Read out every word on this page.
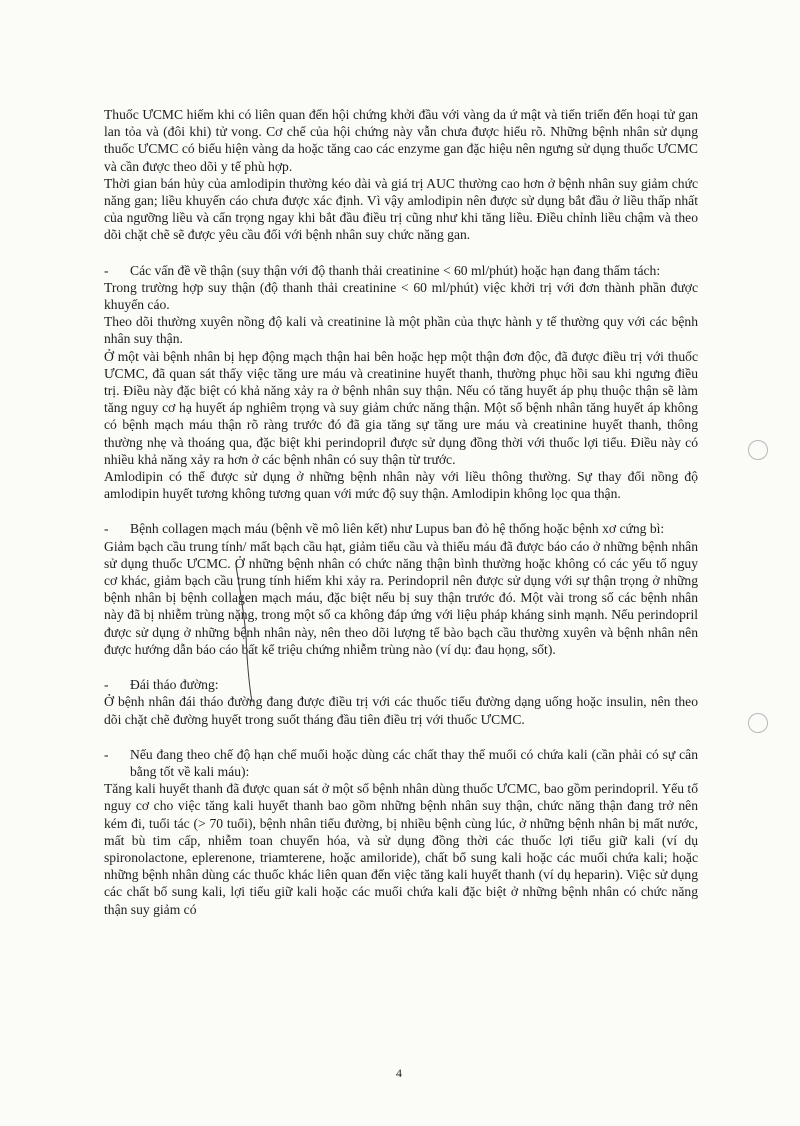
Thuốc ƯCMC hiếm khi có liên quan đến hội chứng khởi đầu với vàng da ứ mật và tiến triển đến hoại tử gan lan tỏa và (đôi khi) tử vong. Cơ chế của hội chứng này vẫn chưa được hiểu rõ. Những bệnh nhân sử dụng thuốc ƯCMC có biểu hiện vàng da hoặc tăng cao các enzyme gan đặc hiệu nên ngưng sử dụng thuốc ƯCMC và cần được theo dõi y tế phù hợp.

Thời gian bán hủy của amlodipin thường kéo dài và giá trị AUC thường cao hơn ở bệnh nhân suy giảm chức năng gan; liều khuyến cáo chưa được xác định. Vì vậy amlodipin nên được sử dụng bắt đầu ở liều thấp nhất của ngưỡng liều và cẩn trọng ngay khi bắt đầu điều trị cũng như khi tăng liều. Điều chỉnh liều chậm và theo dõi chặt chẽ sẽ được yêu cầu đối với bệnh nhân suy chức năng gan.

-	Các vấn đề về thận (suy thận với độ thanh thải creatinine < 60 ml/phút) hoặc hạn đang thẩm tách:

Trong trường hợp suy thận (độ thanh thải creatinine < 60 ml/phút) việc khởi trị với đơn thành phần được khuyến cáo.

Theo dõi thường xuyên nồng độ kali và creatinine là một phần của thực hành y tế thường quy với các bệnh nhân suy thận.

Ở một vài bệnh nhân bị hẹp động mạch thận hai bên hoặc hẹp một thận đơn độc, đã được điều trị với thuốc ƯCMC, đã quan sát thấy việc tăng ure máu và creatinine huyết thanh, thường phục hồi sau khi ngưng điều trị. Điều này đặc biệt có khả năng xảy ra ở bệnh nhân suy thận. Nếu có tăng huyết áp phụ thuộc thận sẽ làm tăng nguy cơ hạ huyết áp nghiêm trọng và suy giảm chức năng thận. Một số bệnh nhân tăng huyết áp không có bệnh mạch máu thận rõ ràng trước đó đã gia tăng sự tăng ure máu và creatinine huyết thanh, thông thường nhẹ và thoáng qua, đặc biệt khi perindopril được sử dụng đồng thời với thuốc lợi tiểu. Điều này có nhiều khả năng xảy ra hơn ở các bệnh nhân có suy thận từ trước.

Amlodipin có thể được sử dụng ở những bệnh nhân này với liều thông thường. Sự thay đổi nồng độ amlodipin huyết tương không tương quan với mức độ suy thận. Amlodipin không lọc qua thận.

-	Bệnh collagen mạch máu (bệnh về mô liên kết) như Lupus ban đỏ hệ thống hoặc bệnh xơ cứng bì:

Giảm bạch cầu trung tính/ mất bạch cầu hạt, giảm tiểu cầu và thiếu máu đã được báo cáo ở những bệnh nhân sử dụng thuốc ƯCMC. Ở những bệnh nhân có chức năng thận bình thường hoặc không có các yếu tố nguy cơ khác, giảm bạch cầu trung tính hiếm khi xảy ra. Perindopril nên được sử dụng với sự thận trọng ở những bệnh nhân bị bệnh collagen mạch máu, đặc biệt nếu bị suy thận trước đó. Một vài trong số các bệnh nhân này đã bị nhiễm trùng nặng, trong một số ca không đáp ứng với liệu pháp kháng sinh mạnh. Nếu perindopril được sử dụng ở những bệnh nhân này, nên theo dõi lượng tế bào bạch cầu thường xuyên và bệnh nhân nên được hướng dẫn báo cáo bất kể triệu chứng nhiễm trùng nào (ví dụ: đau họng, sốt).

-	Đái tháo đường:

Ở bệnh nhân đái tháo đường đang được điều trị với các thuốc tiểu đường dạng uống hoặc insulin, nên theo dõi chặt chẽ đường huyết trong suốt tháng đầu tiên điều trị với thuốc ƯCMC.

-	Nếu đang theo chế độ hạn chế muối hoặc dùng các chất thay thế muối có chứa kali (cần phải có sự cân bằng tốt về kali máu):

Tăng kali huyết thanh đã được quan sát ở một số bệnh nhân dùng thuốc ƯCMC, bao gồm perindopril. Yếu tố nguy cơ cho việc tăng kali huyết thanh bao gồm những bệnh nhân suy thận, chức năng thận đang trở nên kém đi, tuổi tác (> 70 tuổi), bệnh nhân tiểu đường, bị nhiều bệnh cùng lúc, ở những bệnh nhân bị mất nước, mất bù tim cấp, nhiễm toan chuyển hóa, và sử dụng đồng thời các thuốc lợi tiểu giữ kali (ví dụ spironolactone, eplerenone, triamterene, hoặc amiloride), chất bổ sung kali hoặc các muối chứa kali; hoặc những bệnh nhân dùng các thuốc khác liên quan đến việc tăng kali huyết thanh (ví dụ heparin). Việc sử dụng các chất bổ sung kali, lợi tiểu giữ kali hoặc các muối chứa kali đặc biệt ở những bệnh nhân có chức năng thận suy giảm có

4
